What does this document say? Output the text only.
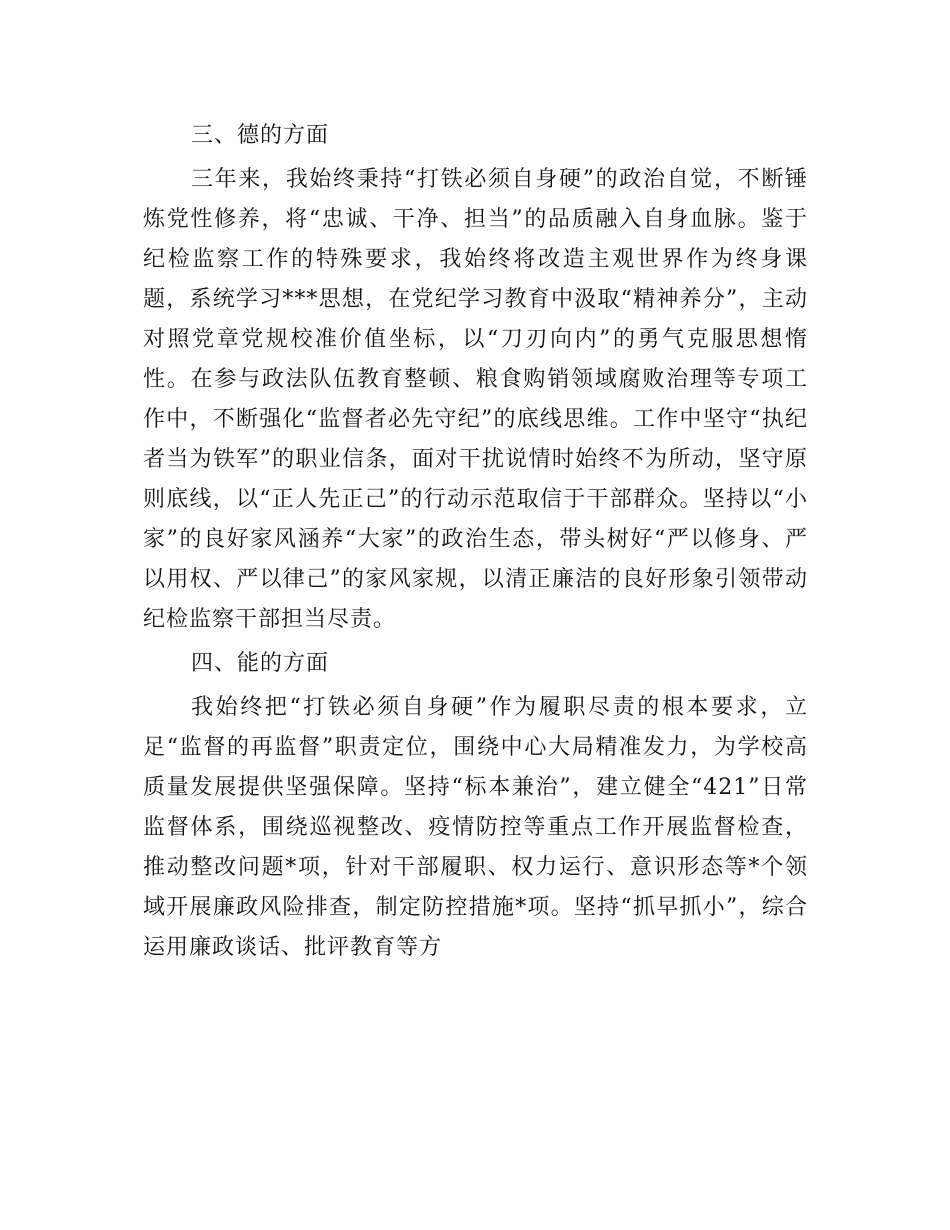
三、德的方面

三年来，我始终秉持“打铁必须自身硬”的政治自觉，不断锤炼党性修养，将“忠诚、干净、担当”的品质融入自身血脉。鉴于纪检监察工作的特殊要求，我始终将改造主观世界作为终身课题，系统学习***思想，在党纪学习教育中汲取“精神养分”，主动对照党章党规校准价值坐标，以“刀刃向内”的勇气克服思想惰性。在参与政法队伍教育整顿、粮食购销领域腐败治理等专项工作中，不断强化“监督者必先守纪”的底线思维。工作中坚守“执纪者当为铁军”的职业信条，面对干扰说情时始终不为所动，坚守原则底线，以“正人先正己”的行动示范取信于干部群众。坚持以“小家”的良好家风涵养“大家”的政治生态，带头树好“严以修身、严以用权、严以律己”的家风家规，以清正廉洁的良好形象引领带动纪检监察干部担当尽责。

四、能的方面

我始终把“打铁必须自身硬”作为履职尽责的根本要求，立足“监督的再监督”职责定位，围绕中心大局精准发力，为学校高质量发展提供坚强保障。坚持“标本兼治”，建立健全“421”日常监督体系，围绕巡视整改、疫情防控等重点工作开展监督检查，推动整改问题*项，针对干部履职、权力运行、意识形态等*个领域开展廉政风险排查，制定防控措施*项。坚持“抓早抓小”，综合运用廉政谈话、批评教育等方
